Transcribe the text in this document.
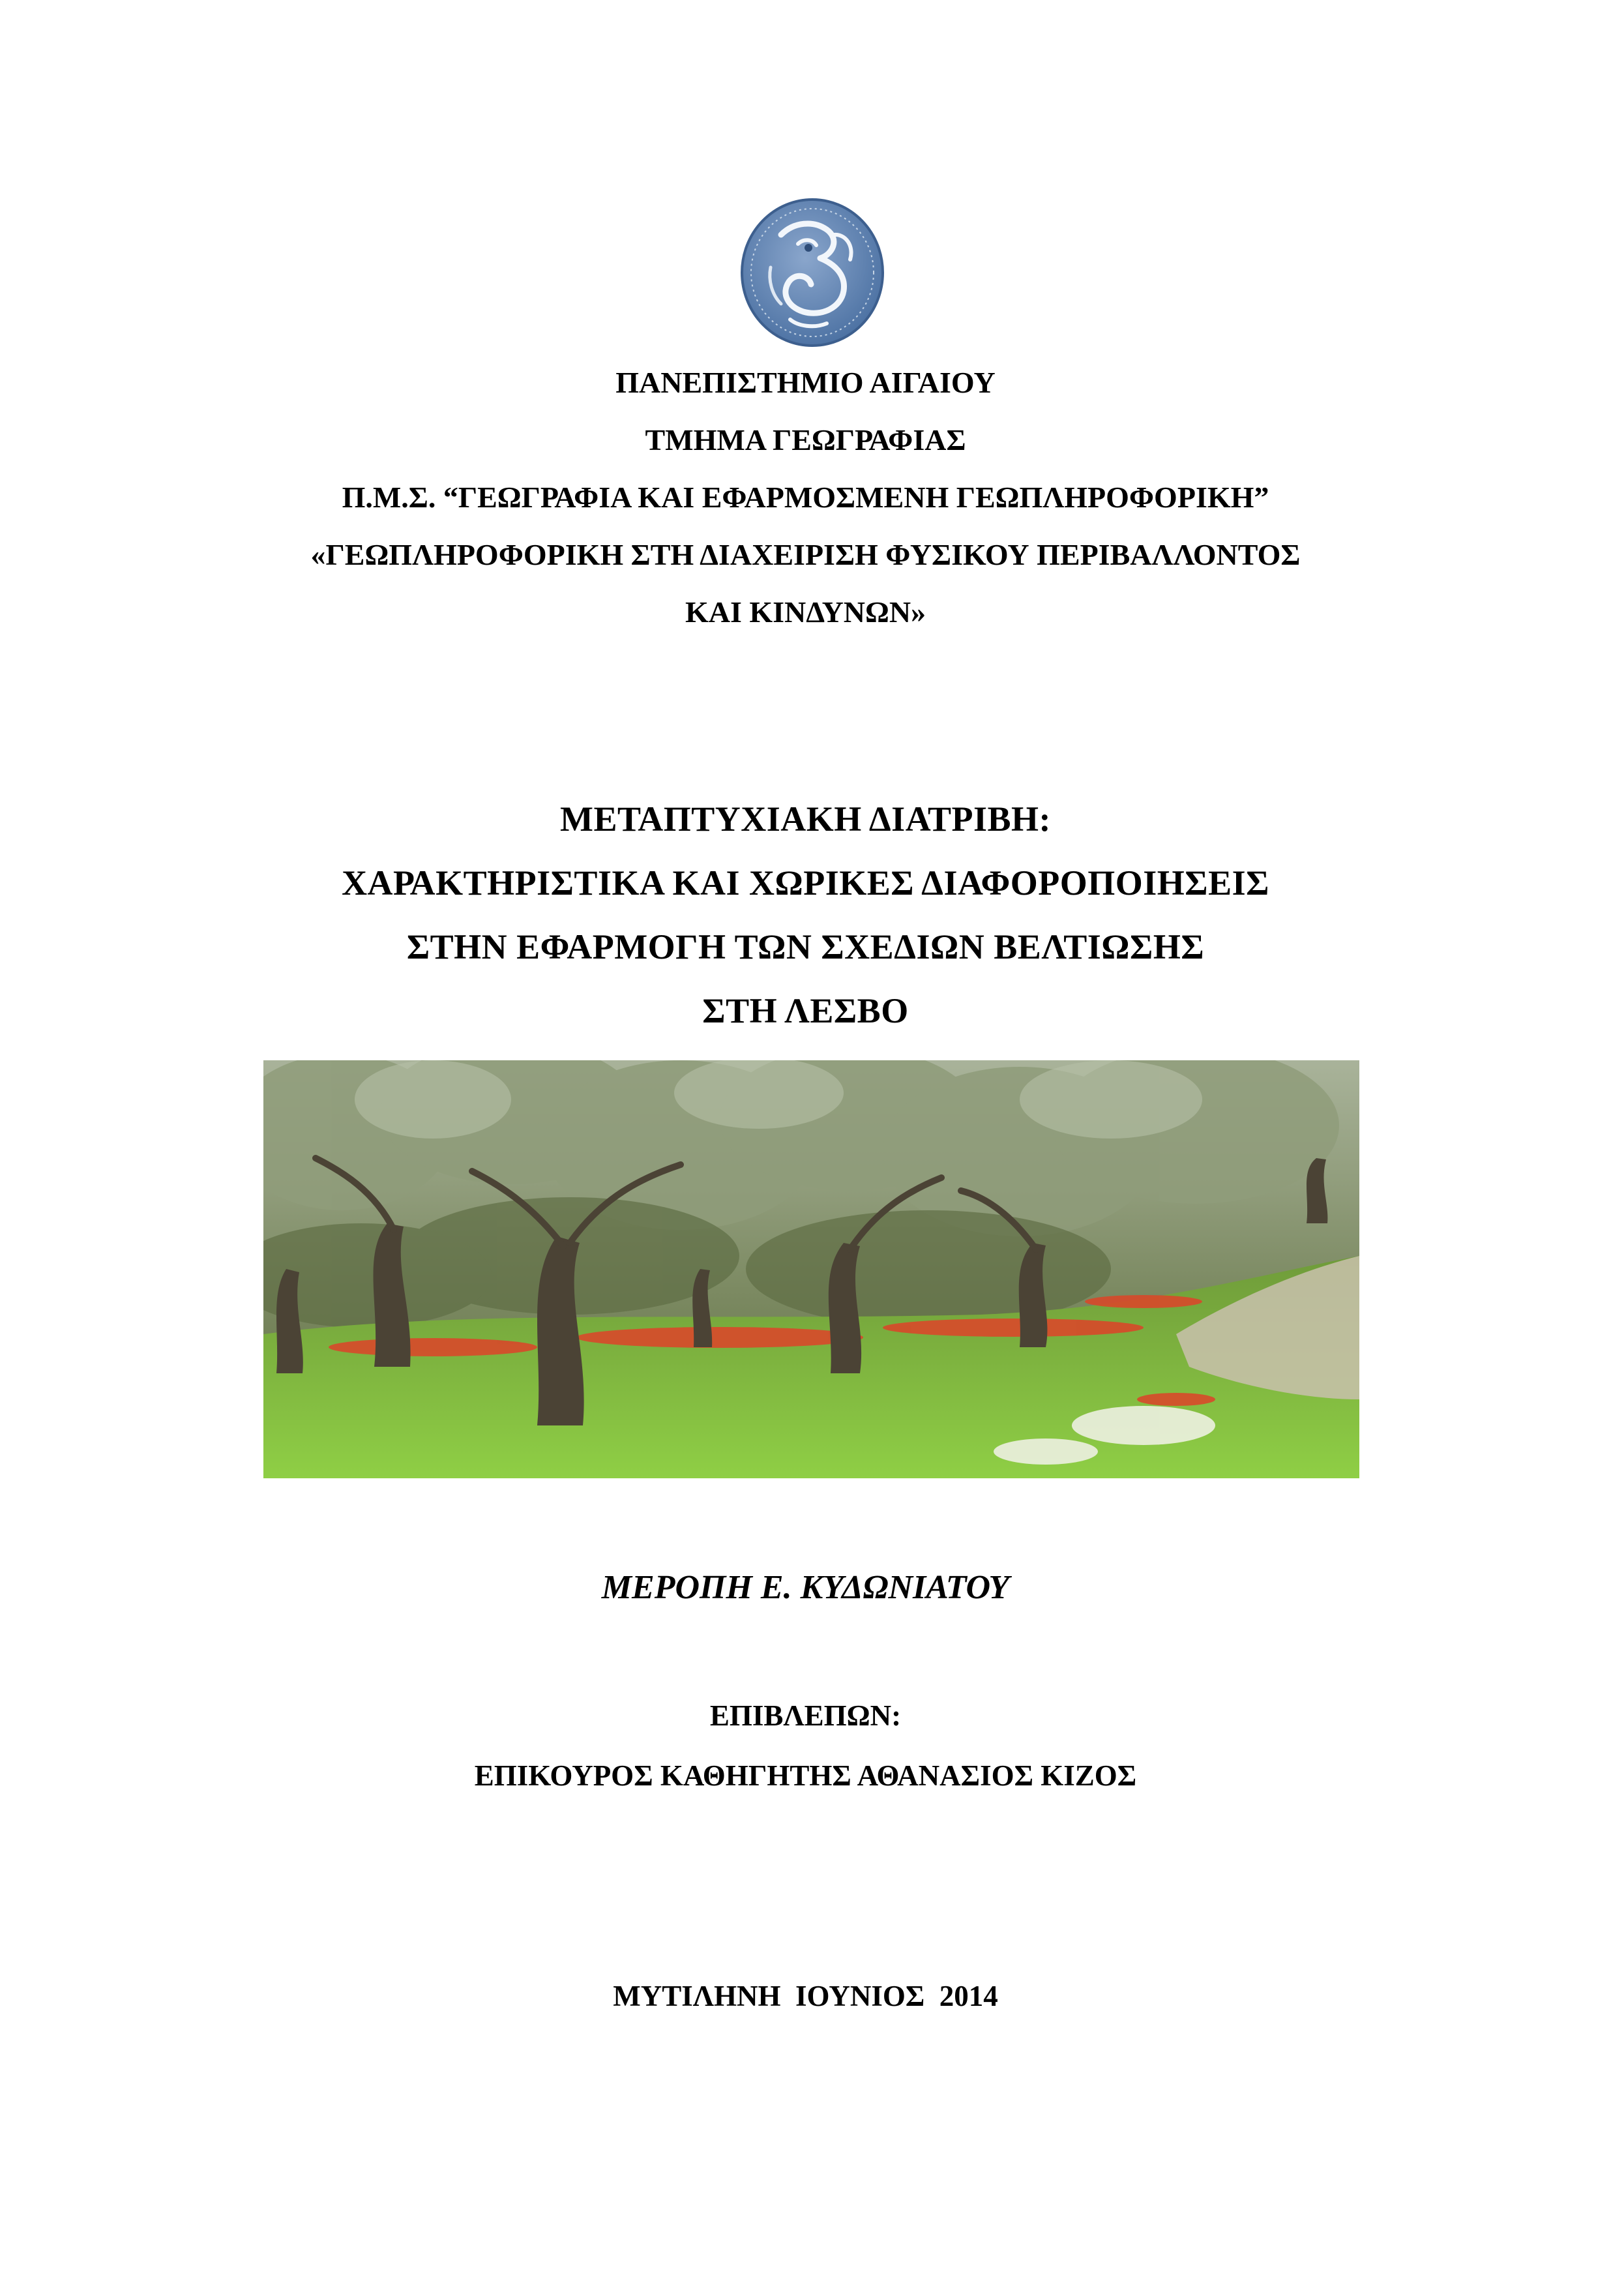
ΠΑΝΕΠΙΣΤΗΜΙΟ ΑΙΓΑΙΟΥ
ΤΜΗΜΑ ΓΕΩΓΡΑΦΙΑΣ
Π.Μ.Σ. “ΓΕΩΓΡΑΦΙΑ ΚΑΙ ΕΦΑΡΜΟΣΜΕΝΗ ΓΕΩΠΛΗΡΟΦΟΡΙΚΗ”
«ΓΕΩΠΛΗΡΟΦΟΡΙΚΗ ΣΤΗ ΔΙΑΧΕΙΡΙΣΗ ΦΥΣΙΚΟΥ ΠΕΡΙΒΑΛΛΟΝΤΟΣ
ΚΑΙ ΚΙΝΔΥΝΩΝ»
ΜΕΤΑΠΤΥΧΙΑΚΗ ΔΙΑΤΡΙΒΗ:
ΧΑΡΑΚΤΗΡΙΣΤΙΚΑ ΚΑΙ ΧΩΡΙΚΕΣ ΔΙΑΦΟΡΟΠΟΙΗΣΕΙΣ
ΣΤΗΝ ΕΦΑΡΜΟΓΗ ΤΩΝ ΣΧΕΔΙΩΝ ΒΕΛΤΙΩΣΗΣ
ΣΤΗ ΛΕΣΒΟ
ΜΕΡΟΠΗ Ε. ΚΥΔΩΝΙΑΤΟΥ
ΕΠΙΒΛΕΠΩΝ:
ΕΠΙΚΟΥΡΟΣ ΚΑΘΗΓΗΤΗΣ ΑΘΑΝΑΣΙΟΣ ΚΙΖΟΣ
ΜΥΤΙΛΗΝΗ  ΙΟΥΝΙΟΣ  2014
